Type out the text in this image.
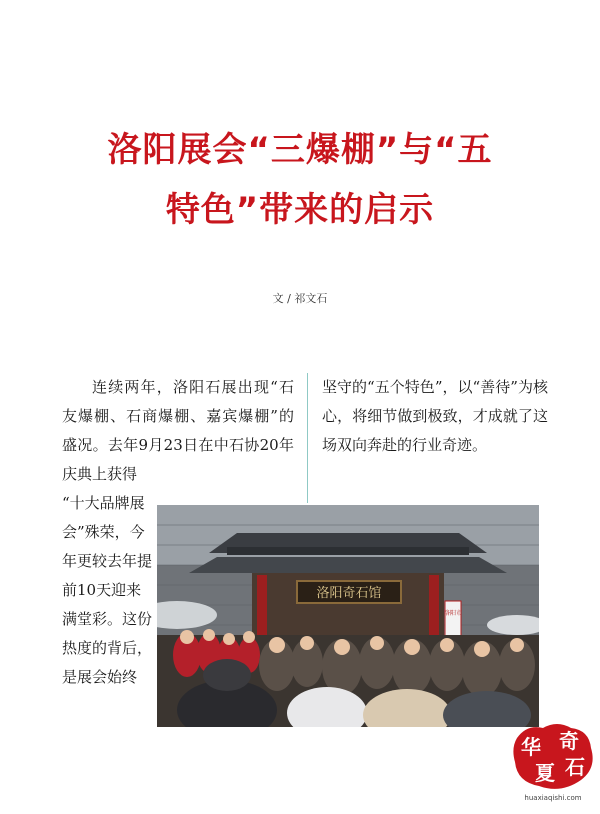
洛阳展会“三爆棚”与“五
特色”带来的启示
文 / 祁文石

连续两年，洛阳石展出现“石友爆棚、石商爆棚、嘉宾爆棚”的盛况。去年9月23日在中石协20年庆典上获得

坚守的“五个特色”，以“善待”为核心，将细节做到极致，才成就了这场双向奔赴的行业奇迹。

“十大品牌展会”殊荣，今年更较去年提前10天迎来满堂彩。这份热度的背后，是展会始终

洛阳奇石馆
洛阳市
华
夏
奇
石
huaxiaqishi.com
